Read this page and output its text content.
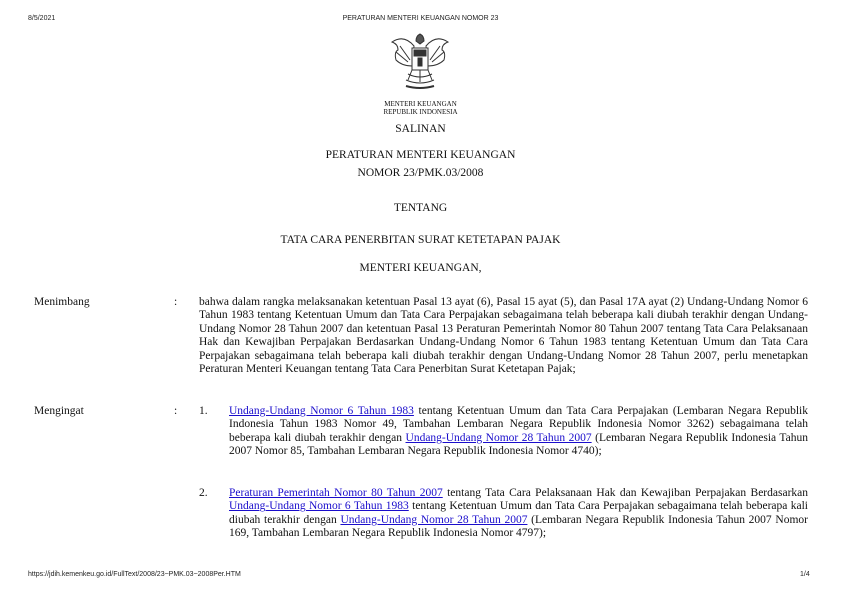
8/5/2021	PERATURAN MENTERI KEUANGAN NOMOR 23
MENTERI KEUANGAN
REPUBLIK INDONESIA
SALINAN
PERATURAN MENTERI KEUANGAN
NOMOR 23/PMK.03/2008
TENTANG
TATA CARA PENERBITAN SURAT KETETAPAN PAJAK
MENTERI KEUANGAN,
Menimbang	: bahwa dalam rangka melaksanakan ketentuan Pasal 13 ayat (6), Pasal 15 ayat (5), dan Pasal 17A ayat (2) Undang-Undang Nomor 6 Tahun 1983 tentang Ketentuan Umum dan Tata Cara Perpajakan sebagaimana telah beberapa kali diubah terakhir dengan Undang-Undang Nomor 28 Tahun 2007 dan ketentuan Pasal 13 Peraturan Pemerintah Nomor 80 Tahun 2007 tentang Tata Cara Pelaksanaan Hak dan Kewajiban Perpajakan Berdasarkan Undang-Undang Nomor 6 Tahun 1983 tentang Ketentuan Umum dan Tata Cara Perpajakan sebagaimana telah beberapa kali diubah terakhir dengan Undang-Undang Nomor 28 Tahun 2007, perlu menetapkan Peraturan Menteri Keuangan tentang Tata Cara Penerbitan Surat Ketetapan Pajak;
Mengingat	: 1. Undang-Undang Nomor 6 Tahun 1983 tentang Ketentuan Umum dan Tata Cara Perpajakan (Lembaran Negara Republik Indonesia Tahun 1983 Nomor 49, Tambahan Lembaran Negara Republik Indonesia Nomor 3262) sebagaimana telah beberapa kali diubah terakhir dengan Undang-Undang Nomor 28 Tahun 2007 (Lembaran Negara Republik Indonesia Tahun 2007 Nomor 85, Tambahan Lembaran Negara Republik Indonesia Nomor 4740);
2. Peraturan Pemerintah Nomor 80 Tahun 2007 tentang Tata Cara Pelaksanaan Hak dan Kewajiban Perpajakan Berdasarkan Undang-Undang Nomor 6 Tahun 1983 tentang Ketentuan Umum dan Tata Cara Perpajakan sebagaimana telah beberapa kali diubah terakhir dengan Undang-Undang Nomor 28 Tahun 2007 (Lembaran Negara Republik Indonesia Tahun 2007 Nomor 169, Tambahan Lembaran Negara Republik Indonesia Nomor 4797);
https://jdih.kemenkeu.go.id/FullText/2008/23~PMK.03~2008Per.HTM	1/4
